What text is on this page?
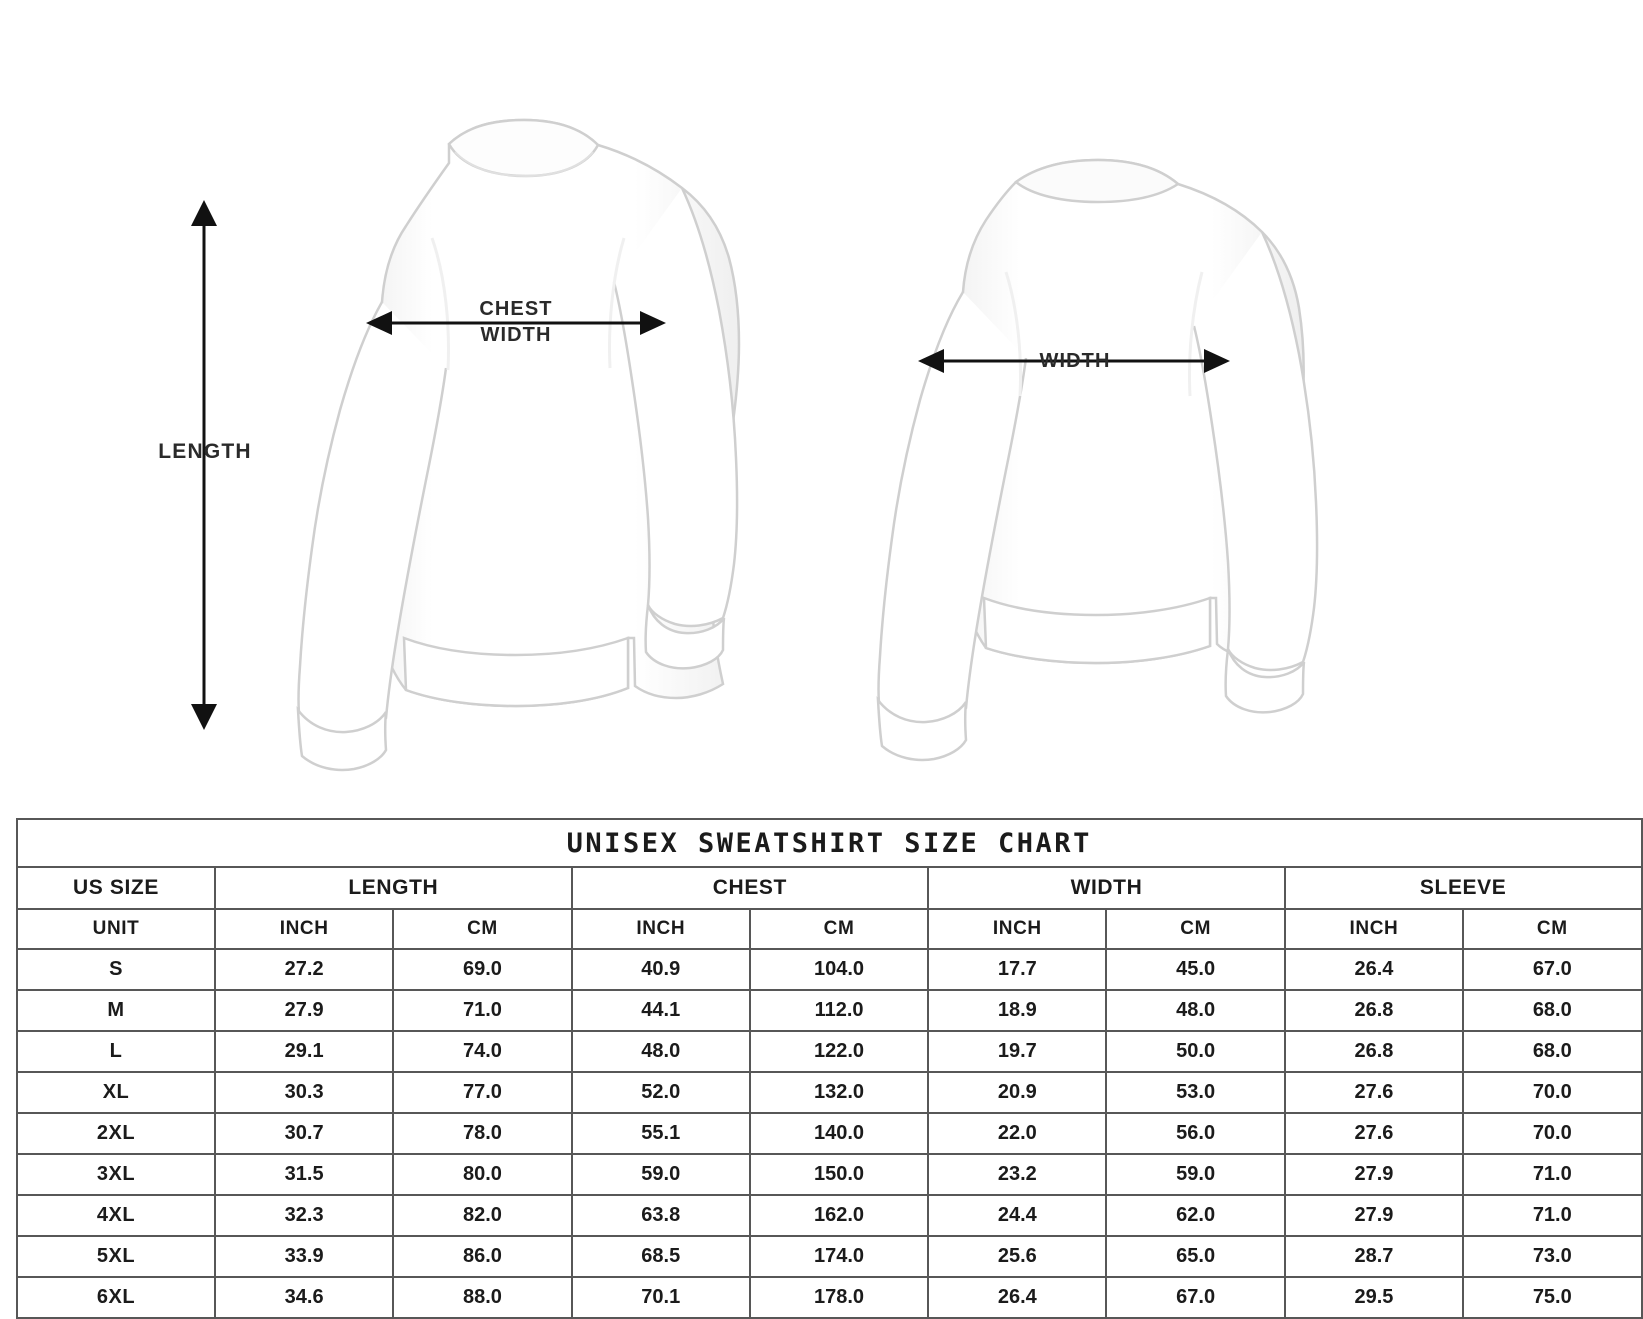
LENGTH
CHEST
WIDTH
WIDTH
UNISEX SWEATSHIRT SIZE CHART								
US SIZE	LENGTH		CHEST		WIDTH		SLEEVE	
UNIT	INCH	CM	INCH	CM	INCH	CM	INCH	CM
S	27.2	69.0	40.9	104.0	17.7	45.0	26.4	67.0
M	27.9	71.0	44.1	112.0	18.9	48.0	26.8	68.0
L	29.1	74.0	48.0	122.0	19.7	50.0	26.8	68.0
XL	30.3	77.0	52.0	132.0	20.9	53.0	27.6	70.0
2XL	30.7	78.0	55.1	140.0	22.0	56.0	27.6	70.0
3XL	31.5	80.0	59.0	150.0	23.2	59.0	27.9	71.0
4XL	32.3	82.0	63.8	162.0	24.4	62.0	27.9	71.0
5XL	33.9	86.0	68.5	174.0	25.6	65.0	28.7	73.0
6XL	34.6	88.0	70.1	178.0	26.4	67.0	29.5	75.0
